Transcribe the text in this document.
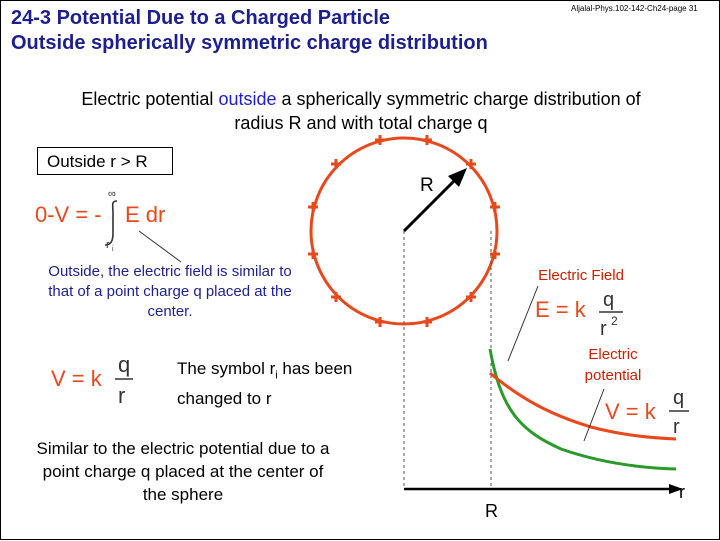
24-3 Potential Due to a Charged Particle
Outside spherically symmetric charge distribution
Aljalal-Phys.102-142-Ch24-page 31
Electric potential outside a spherically symmetric charge distribution of radius R and with total charge q
Outside r > R
Outside, the electric field is similar to that of a point charge q placed at the center.
The symbol $r_i$ has been changed to r
Similar to the electric potential due to a point charge q placed at the center of the sphere
Electric Field
Electric potential
0-V = -
∞
E dr
r i
V = k
q
r
R
r
R
E = k q
r 2
V = k
q
r
